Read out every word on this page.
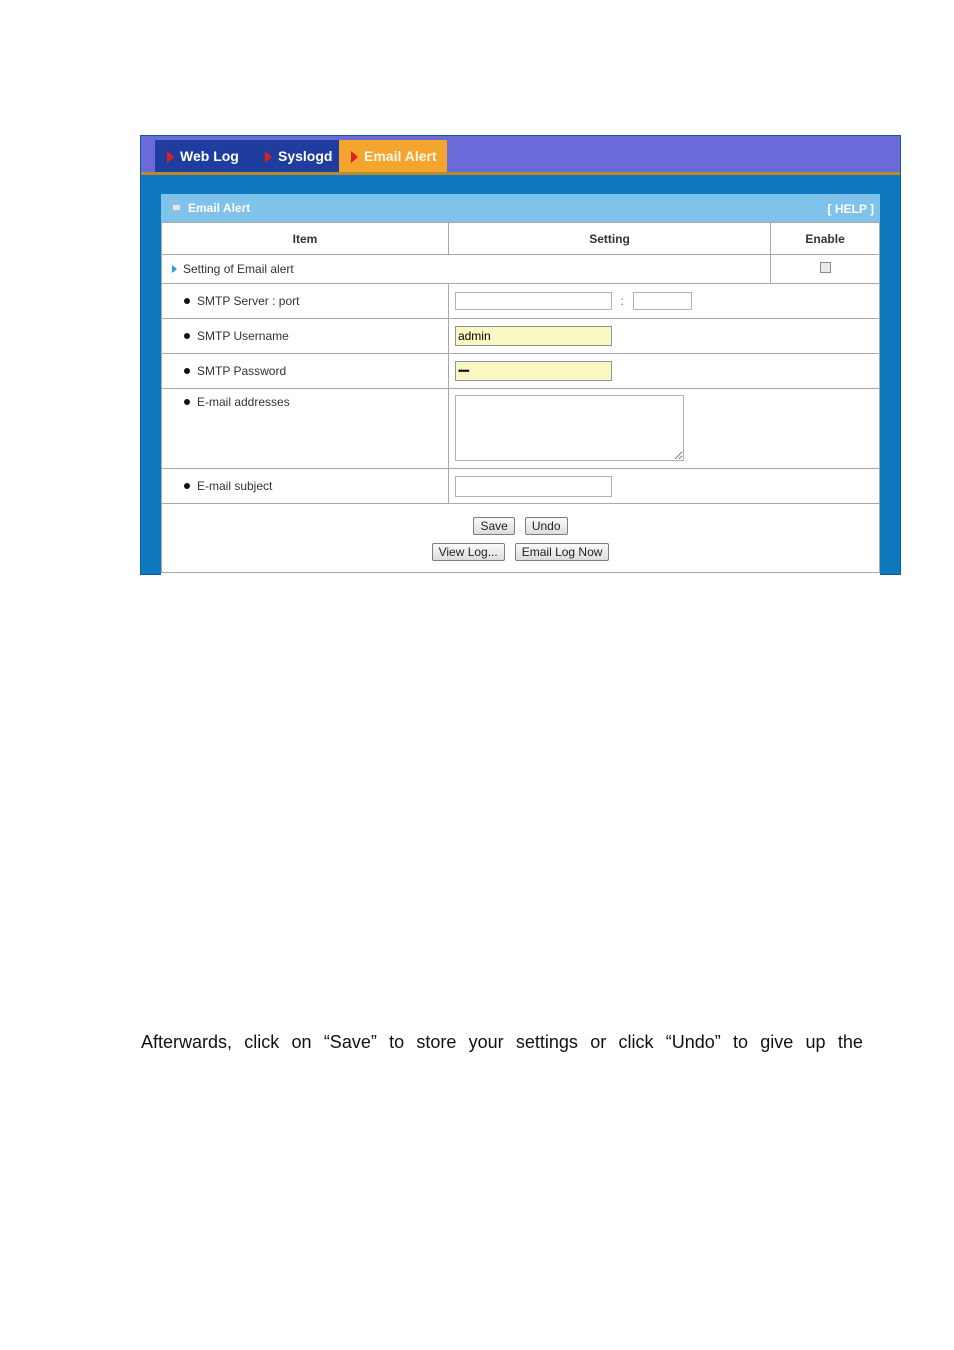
Web Log	Syslogd Email Alert
Email Alert	[ HELP ]
Item	Setting	Enable
Setting of Email alert		
SMTP Server : port	:	
SMTP Username	admin
SMTP Password	•••••
E-mail addresses	
E-mail subject	

Save Undo
View Log... Email Log Now		
Afterwards, click on “Save” to store your settings or click “Undo” to give up the
